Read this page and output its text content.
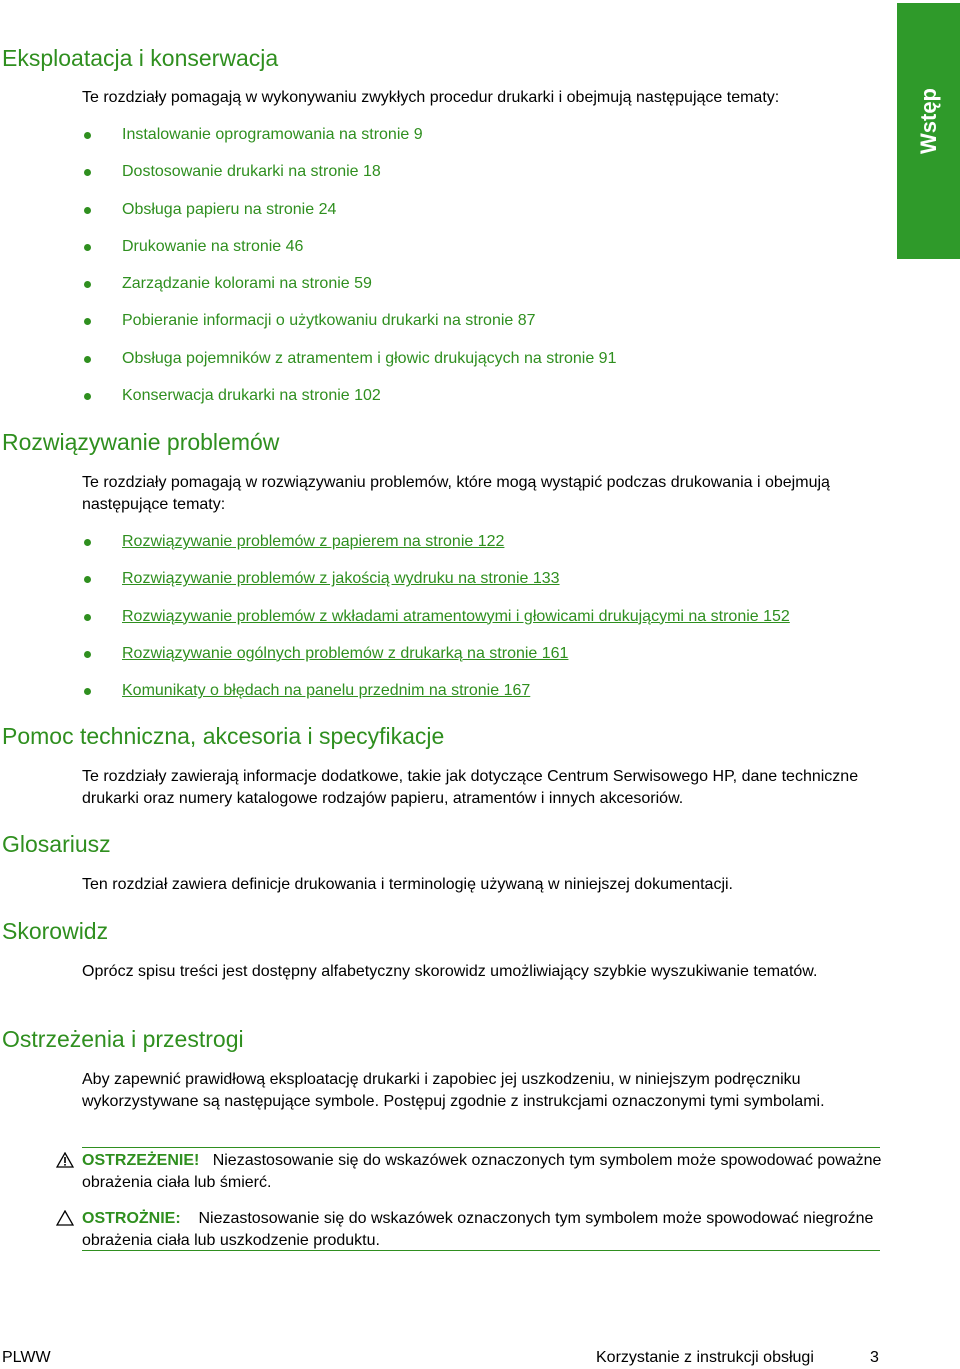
Wstęp
Eksploatacja i konserwacja

Te rozdziały pomagają w wykonywaniu zwykłych procedur drukarki i obejmują następujące tematy:

Instalowanie oprogramowania na stronie 9
Dostosowanie drukarki na stronie 18
Obsługa papieru na stronie 24
Drukowanie na stronie 46
Zarządzanie kolorami na stronie 59
Pobieranie informacji o użytkowaniu drukarki na stronie 87
Obsługa pojemników z atramentem i głowic drukujących na stronie 91
Konserwacja drukarki na stronie 102
Rozwiązywanie problemów

Te rozdziały pomagają w rozwiązywaniu problemów, które mogą wystąpić podczas drukowania i obejmują następujące tematy:

Rozwiązywanie problemów z papierem na stronie 122
Rozwiązywanie problemów z jakością wydruku na stronie 133
Rozwiązywanie problemów z wkładami atramentowymi i głowicami drukującymi na stronie 152
Rozwiązywanie ogólnych problemów z drukarką na stronie 161
Komunikaty o błędach na panelu przednim na stronie 167
Pomoc techniczna, akcesoria i specyfikacje

Te rozdziały zawierają informacje dodatkowe, takie jak dotyczące Centrum Serwisowego HP, dane techniczne drukarki oraz numery katalogowe rodzajów papieru, atramentów i innych akcesoriów.

Glosariusz

Ten rozdział zawiera definicje drukowania i terminologię używaną w niniejszej dokumentacji.

Skorowidz

Oprócz spisu treści jest dostępny alfabetyczny skorowidz umożliwiający szybkie wyszukiwanie tematów.

Ostrzeżenia i przestrogi

Aby zapewnić prawidłową eksploatację drukarki i zapobiec jej uszkodzeniu, w niniejszym podręczniku wykorzystywane są następujące symbole. Postępuj zgodnie z instrukcjami oznaczonymi tymi symbolami.

OSTRZEŻENIE! Niezastosowanie się do wskazówek oznaczonych tym symbolem może spowodować poważne obrażenia ciała lub śmierć.
OSTROŻNIE: Niezastosowanie się do wskazówek oznaczonych tym symbolem może spowodować niegroźne obrażenia ciała lub uszkodzenie produktu.
PLWW	Korzystanie z instrukcji obsługi	3
